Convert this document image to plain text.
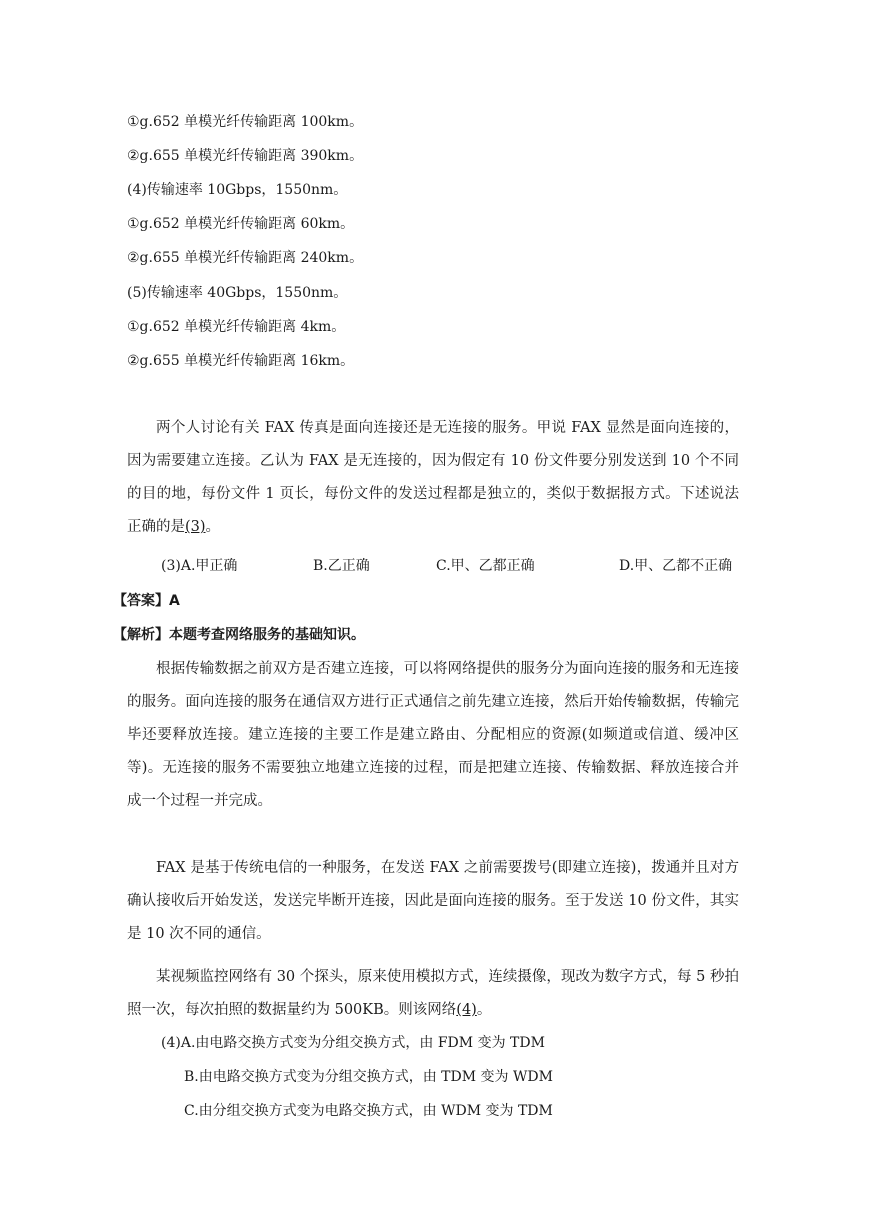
①g.652 单模光纤传输距离 100km。
②g.655 单模光纤传输距离 390km。
(4)传输速率 10Gbps，1550nm。
①g.652 单模光纤传输距离 60km。
②g.655 单模光纤传输距离 240km。
(5)传输速率 40Gbps，1550nm。
①g.652 单模光纤传输距离 4km。
②g.655 单模光纤传输距离 16km。
两个人讨论有关 FAX 传真是面向连接还是无连接的服务。甲说 FAX 显然是面向连接的，因为需要建立连接。乙认为 FAX 是无连接的，因为假定有 10 份文件要分别发送到 10 个不同的目的地，每份文件 1 页长，每份文件的发送过程都是独立的，类似于数据报方式。下述说法正确的是(3)。
(3)A.甲正确	B.乙正确	C.甲、乙都正确	D.甲、乙都不正确
【答案】A
【解析】本题考查网络服务的基础知识。
根据传输数据之前双方是否建立连接，可以将网络提供的服务分为面向连接的服务和无连接的服务。面向连接的服务在通信双方进行正式通信之前先建立连接，然后开始传输数据，传输完毕还要释放连接。建立连接的主要工作是建立路由、分配相应的资源(如频道或信道、缓冲区等)。无连接的服务不需要独立地建立连接的过程，而是把建立连接、传输数据、释放连接合并成一个过程一并完成。
FAX 是基于传统电信的一种服务，在发送 FAX 之前需要拨号(即建立连接)，拨通并且对方确认接收后开始发送，发送完毕断开连接，因此是面向连接的服务。至于发送 10 份文件，其实是 10 次不同的通信。
某视频监控网络有 30 个探头，原来使用模拟方式，连续摄像，现改为数字方式，每 5 秒拍照一次，每次拍照的数据量约为 500KB。则该网络(4)。
(4)A.由电路交换方式变为分组交换方式，由 FDM 变为 TDM
B.由电路交换方式变为分组交换方式，由 TDM 变为 WDM
C.由分组交换方式变为电路交换方式，由 WDM 变为 TDM
